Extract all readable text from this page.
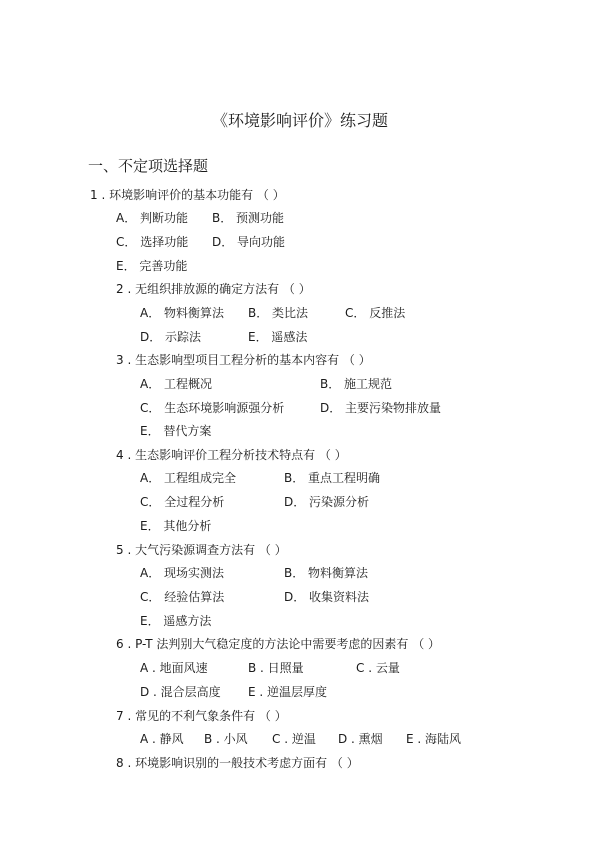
《环境影响评价》练习题
一、不定项选择题
1 . 环境影响评价的基本功能有 （ ）
A． 判断功能 B． 预测功能
C． 选择功能 D． 导向功能
E． 完善功能
2 . 无组织排放源的确定方法有 （ ）
A． 物料衡算法 B． 类比法	C． 反推法
D． 示踪法	E． 遥感法
3 . 生态影响型项目工程分析的基本内容有 （ ）
A． 工程概况	B． 施工规范
C． 生态环境影响源强分析	D． 主要污染物排放量
E． 替代方案
4 . 生态影响评价工程分析技术特点有 （ ）
A． 工程组成完全	B． 重点工程明确
C． 全过程分析	D． 污染源分析
E． 其他分析
5 . 大气污染源调查方法有 （ ）
A． 现场实测法	B． 物料衡算法
C． 经验估算法	D． 收集资料法
E． 遥感方法
6 . P-T 法判别大气稳定度的方法论中需要考虑的因素有 （ ）
A . 地面风速	B . 日照量	C . 云量
D . 混合层高度 E . 逆温层厚度
7 . 常见的不利气象条件有 （ ）
A . 静风 B . 小风 C . 逆温 D . 熏烟 E . 海陆风
8 . 环境影响识别的一般技术考虑方面有 （ ）
